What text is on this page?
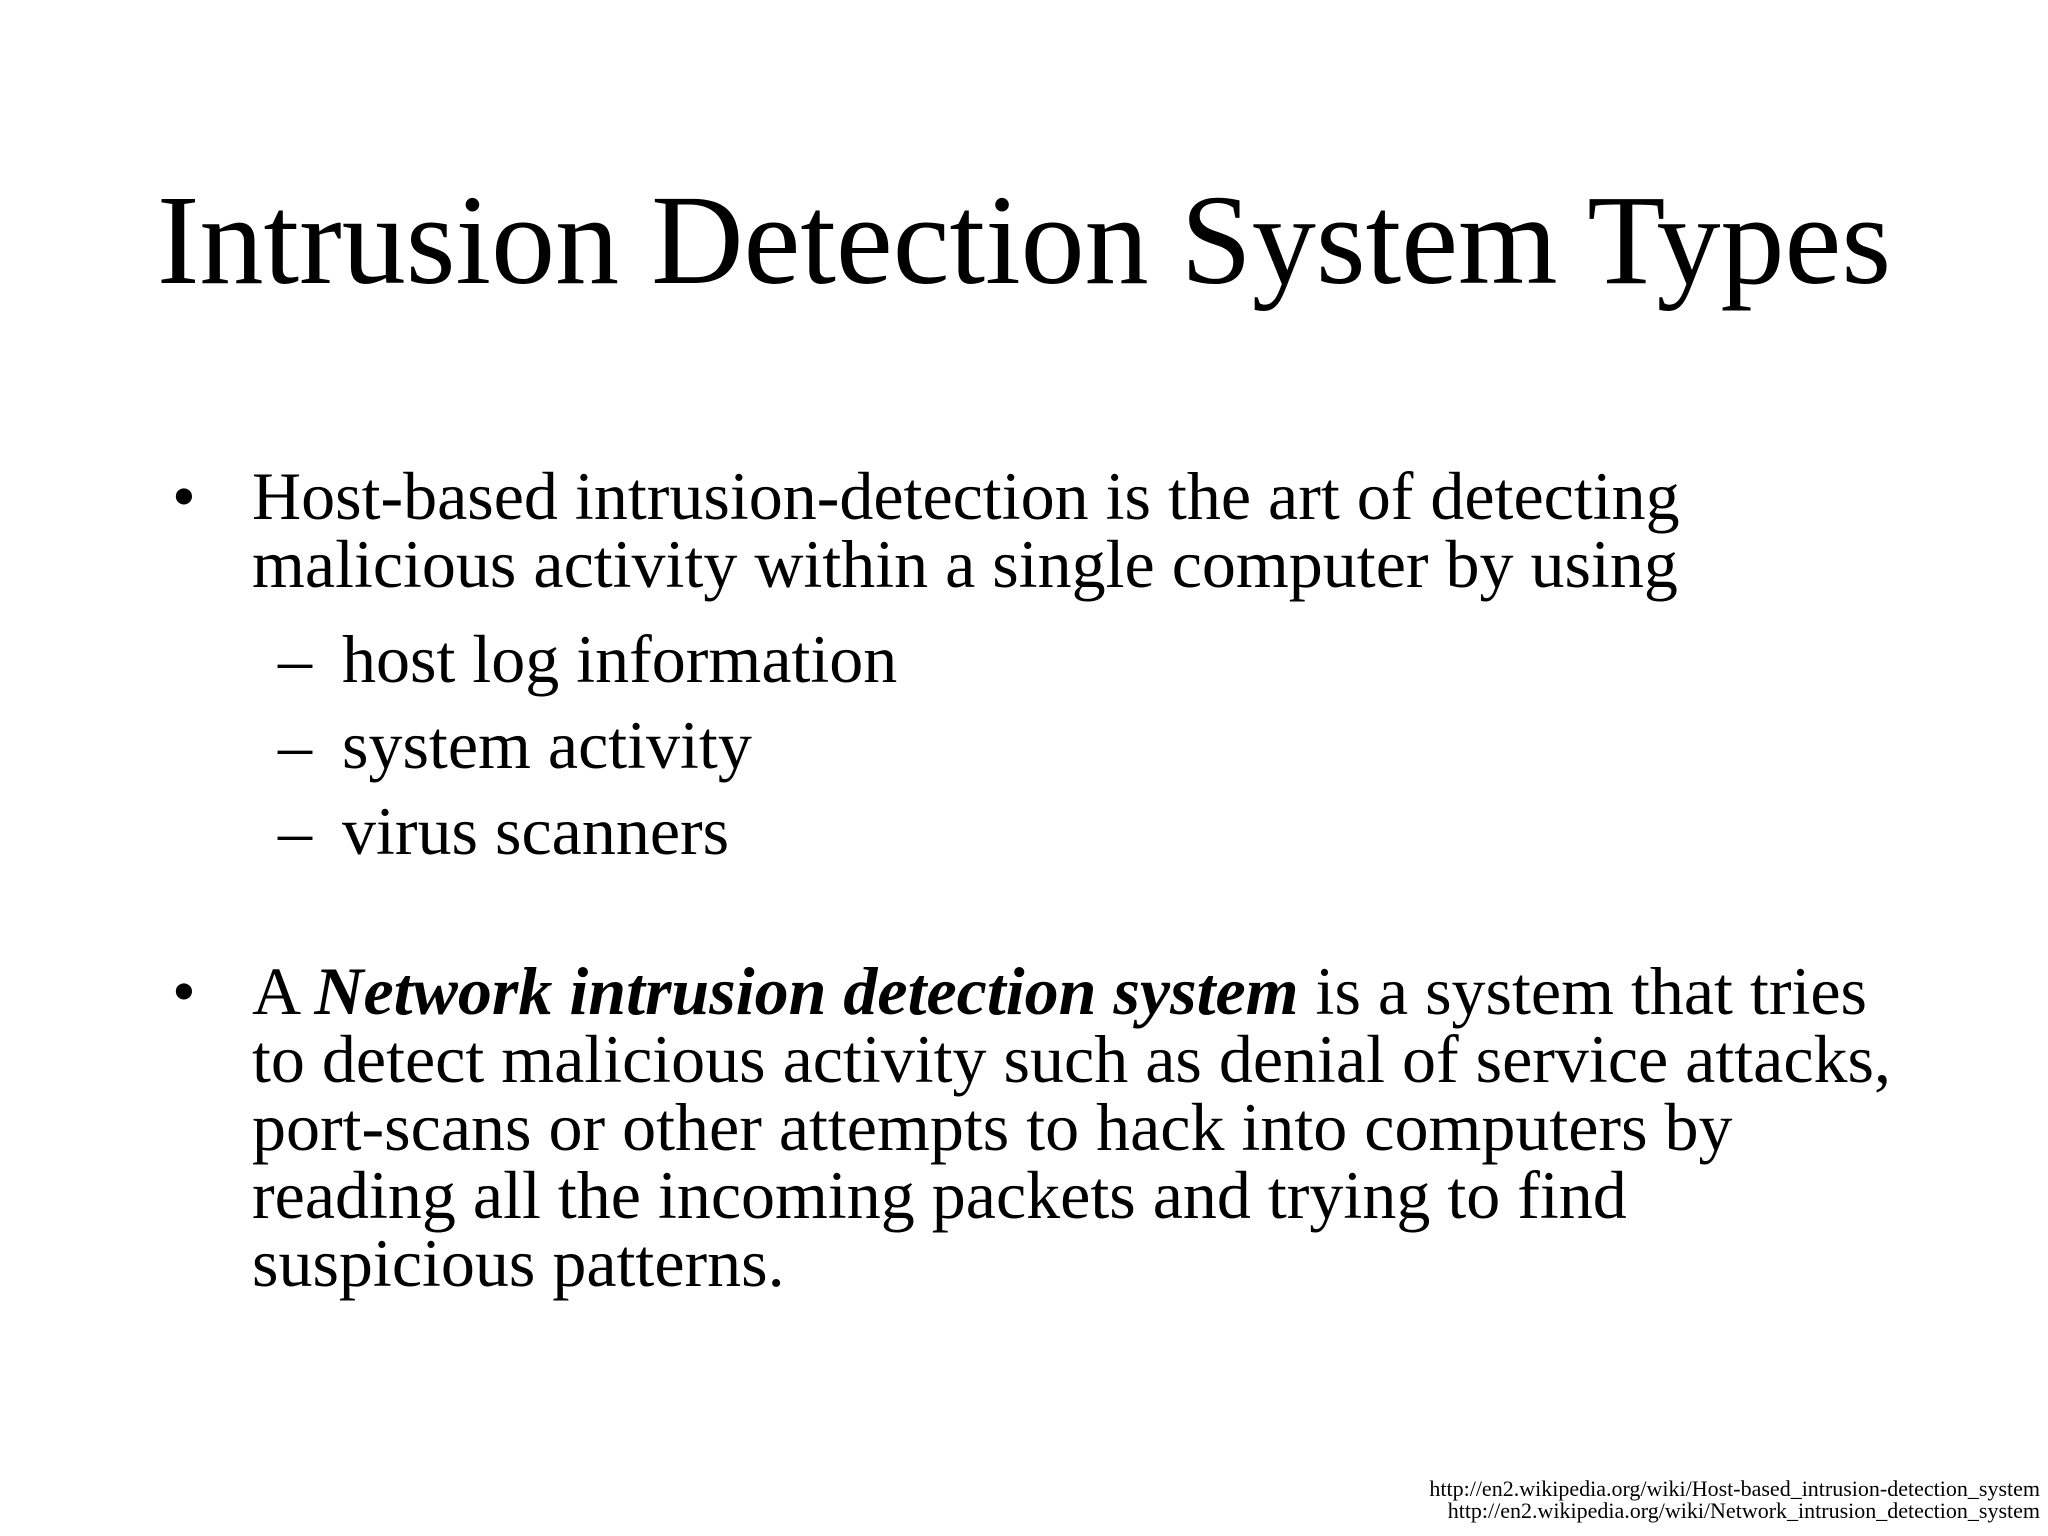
Intrusion Detection System Types
• Host-based intrusion-detection is the art of detecting
malicious activity within a single computer by using
– host log information
– system activity
– virus scanners
• A Network intrusion detection system is a system that tries
to detect malicious activity such as denial of service attacks,
port-scans or other attempts to hack into computers by
reading all the incoming packets and trying to find
suspicious patterns.
http://en2.wikipedia.org/wiki/Host-based_intrusion-detection_system
http://en2.wikipedia.org/wiki/Network_intrusion_detection_system
